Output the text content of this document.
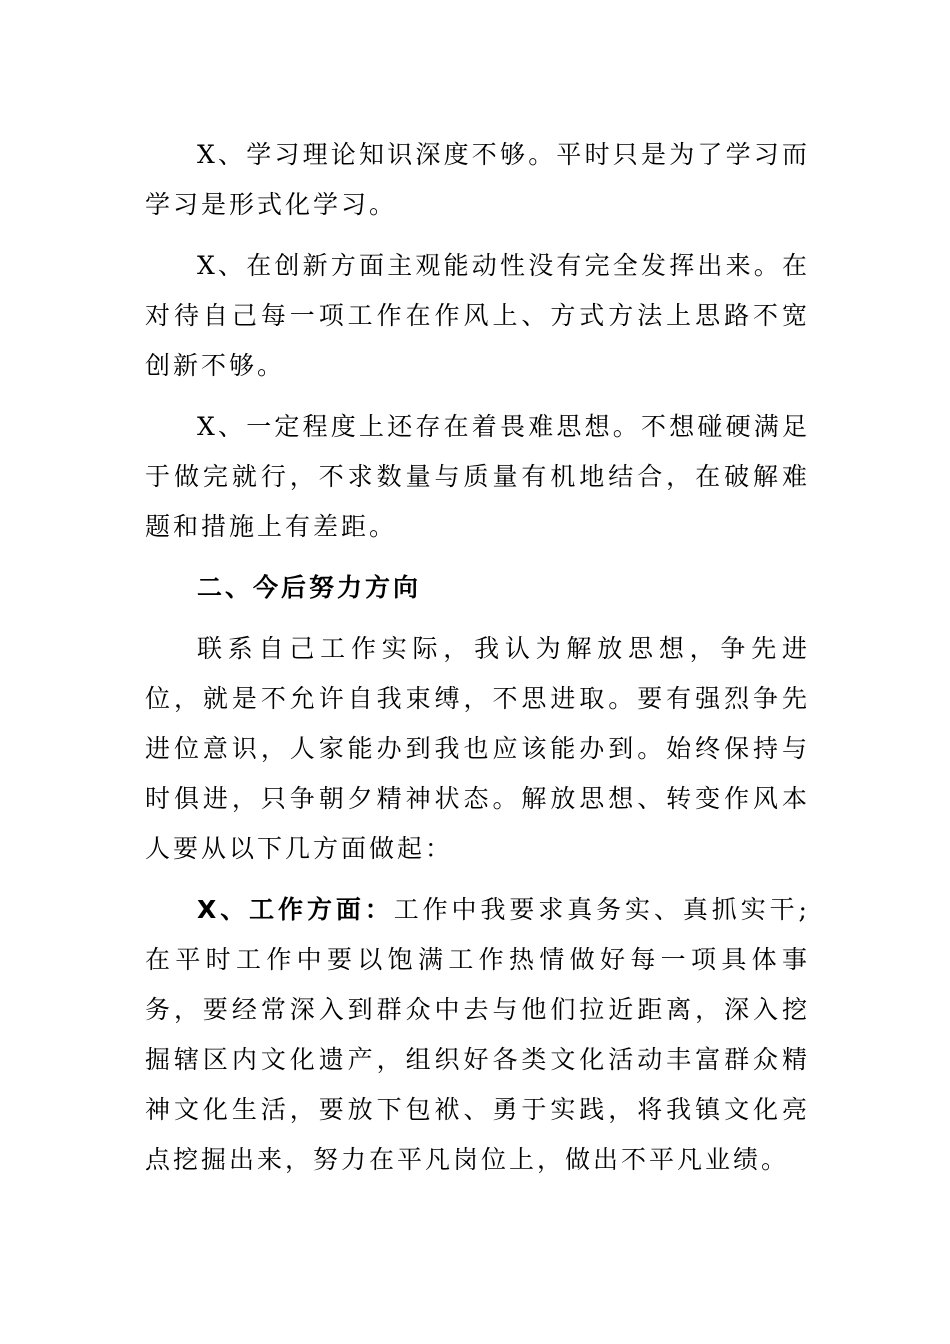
X、学习理论知识深度不够。平时只是为了学习而学习是形式化学习。

X、在创新方面主观能动性没有完全发挥出来。在对待自己每一项工作在作风上、方式方法上思路不宽创新不够。

X、一定程度上还存在着畏难思想。不想碰硬满足于做完就行，不求数量与质量有机地结合，在破解难题和措施上有差距。

二、今后努力方向

联系自己工作实际，我认为解放思想，争先进位，就是不允许自我束缚，不思进取。要有强烈争先进位意识，人家能办到我也应该能办到。始终保持与时俱进，只争朝夕精神状态。解放思想、转变作风本人要从以下几方面做起：

X、工作方面：工作中我要求真务实、真抓实干;在平时工作中要以饱满工作热情做好每一项具体事务，要经常深入到群众中去与他们拉近距离，深入挖掘辖区内文化遗产，组织好各类文化活动丰富群众精神文化生活，要放下包袱、勇于实践，将我镇文化亮点挖掘出来，努力在平凡岗位上，做出不平凡业绩。
